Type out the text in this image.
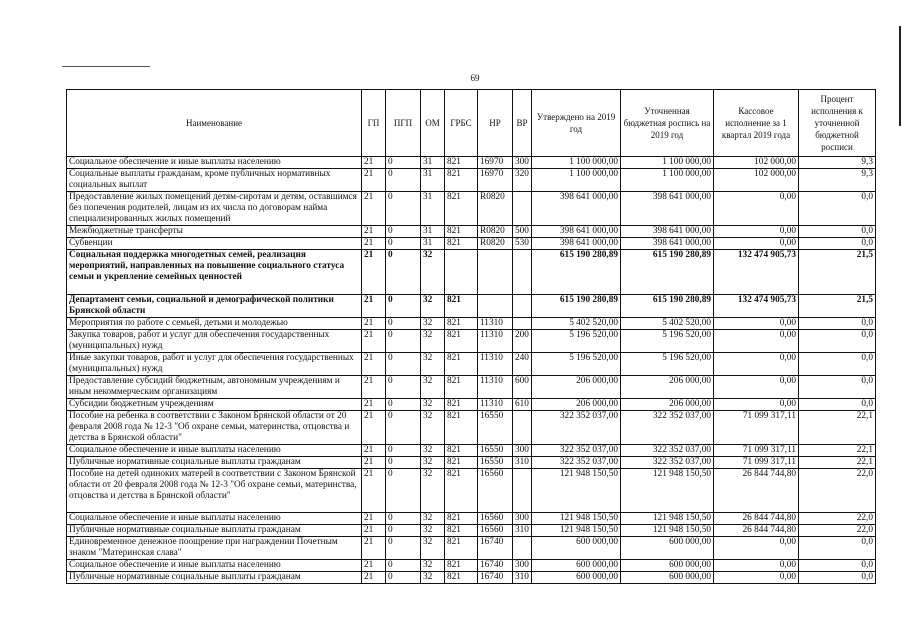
69
Наименование	ГП	ПГП	ОМ	ГРБС	НР	ВР	Утверждено на 2019 год	Уточненная бюджетная роспись на 2019 год	Кассовое исполнение за 1 квартал 2019 года	Процент исполнения к уточненной бюджетной росписи
Социальное обеспечение и иные выплаты населению	21	0	31	821	16970	300	1 100 000,00	1 100 000,00	102 000,00	9,3
Социальные выплаты гражданам, кроме публичных нормативных социальных выплат	21	0	31	821	16970	320	1 100 000,00	1 100 000,00	102 000,00	9,3
Предоставление жилых помещений детям-сиротам и детям, оставшимся без попечения родителей, лицам из их числа по договорам найма специализированных жилых помещений	21	0	31	821	R0820		398 641 000,00	398 641 000,00	0,00	0,0
Межбюджетные трансферты	21	0	31	821	R0820	500	398 641 000,00	398 641 000,00	0,00	0,0
Субвенции	21	0	31	821	R0820	530	398 641 000,00	398 641 000,00	0,00	0,0
Социальная поддержка многодетных семей, реализация мероприятий, направленных на повышение социального статуса семьи и укрепление семейных ценностей	21	0	32				615 190 280,89	615 190 280,89	132 474 905,73	21,5
Департамент семьи, социальной и демографической политики Брянской области	21	0	32	821			615 190 280,89	615 190 280,89	132 474 905,73	21,5
Мероприятия по работе с семьей, детьми и молодежью	21	0	32	821	11310		5 402 520,00	5 402 520,00	0,00	0,0
Закупка товаров, работ и услуг для обеспечения государственных (муниципальных) нужд	21	0	32	821	11310	200	5 196 520,00	5 196 520,00	0,00	0,0
Иные закупки товаров, работ и услуг для обеспечения государственных (муниципальных) нужд	21	0	32	821	11310	240	5 196 520,00	5 196 520,00	0,00	0,0
Предоставление субсидий бюджетным, автономным учреждениям и иным некоммерческим организациям	21	0	32	821	11310	600	206 000,00	206 000,00	0,00	0,0
Субсидии бюджетным учреждениям	21	0	32	821	11310	610	206 000,00	206 000,00	0,00	0,0
Пособие на ребенка в соответствии с Законом Брянской области от 20 февраля 2008 года № 12-3 "Об охране семьи, материнства, отцовства и детства в Брянской области"	21	0	32	821	16550		322 352 037,00	322 352 037,00	71 099 317,11	22,1
Социальное обеспечение и иные выплаты населению	21	0	32	821	16550	300	322 352 037,00	322 352 037,00	71 099 317,11	22,1
Публичные нормативные социальные выплаты гражданам	21	0	32	821	16550	310	322 352 037,00	322 352 037,00	71 099 317,11	22,1
Пособие на детей одиноких матерей в соответствии с Законом Брянской области от 20 февраля 2008 года № 12-3 "Об охране семьи, материнства, отцовства и детства в Брянской области"	21	0	32	821	16560		121 948 150,50	121 948 150,50	26 844 744,80	22,0
Социальное обеспечение и иные выплаты населению	21	0	32	821	16560	300	121 948 150,50	121 948 150,50	26 844 744,80	22,0
Публичные нормативные социальные выплаты гражданам	21	0	32	821	16560	310	121 948 150,50	121 948 150,50	26 844 744,80	22,0
Единовременное денежное поощрение при награждении Почетным знаком "Материнская слава"	21	0	32	821	16740		600 000,00	600 000,00	0,00	0,0
Социальное обеспечение и иные выплаты населению	21	0	32	821	16740	300	600 000,00	600 000,00	0,00	0,0
Публичные нормативные социальные выплаты гражданам	21	0	32	821	16740	310	600 000,00	600 000,00	0,00	0,0
